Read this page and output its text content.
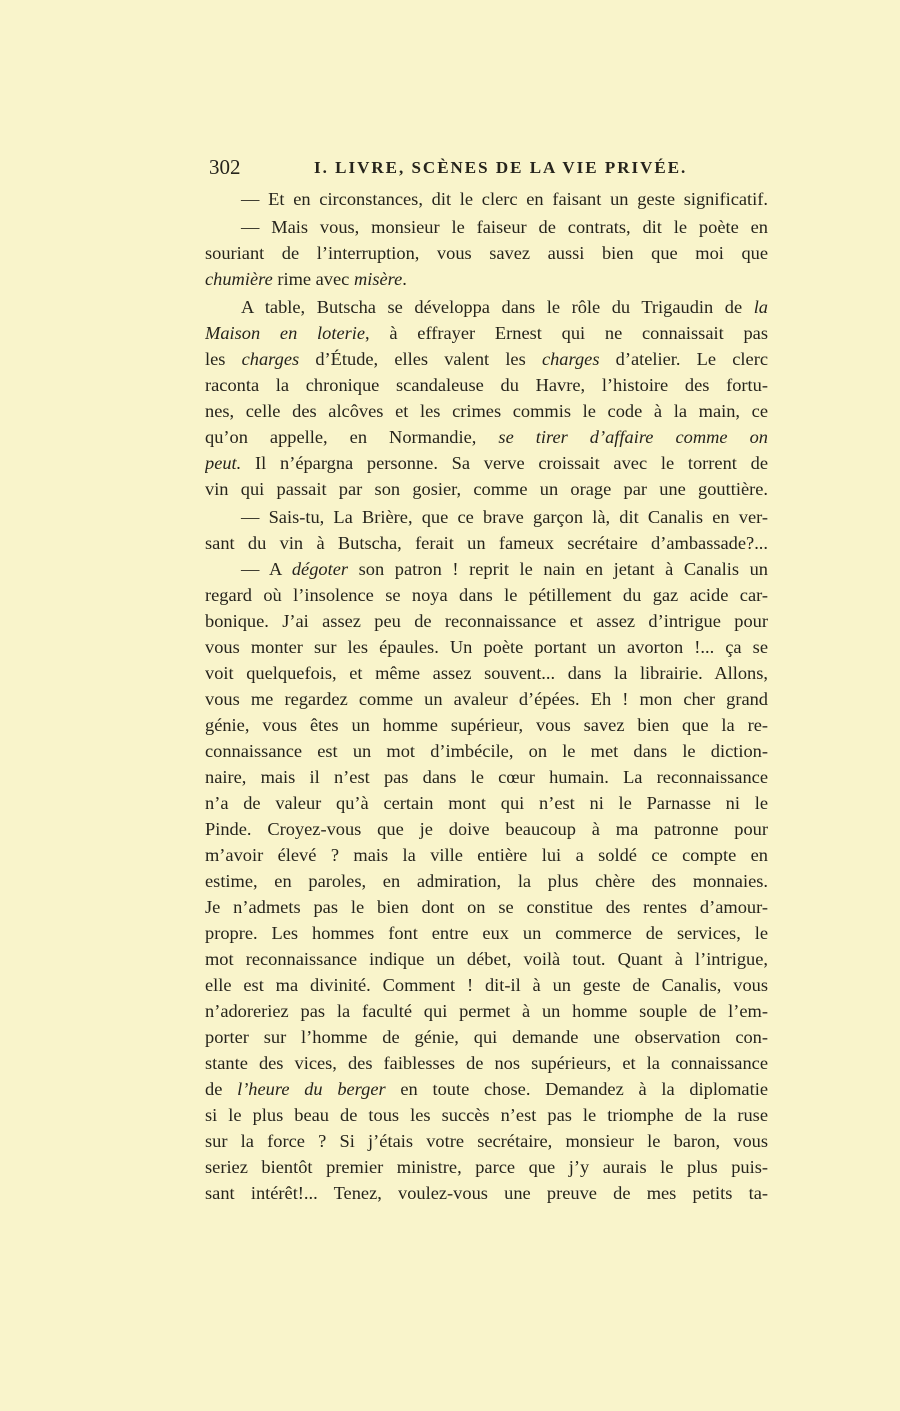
302	I. LIVRE, SCÈNES DE LA VIE PRIVÉE.
— Et en circonstances, dit le clerc en faisant un geste significatif.
— Mais vous, monsieur le faiseur de contrats, dit le poète en
souriant de l’interruption, vous savez aussi bien que moi que
chumière rime avec misère.
A table, Butscha se développa dans le rôle du Trigaudin de la
Maison en loterie, à effrayer Ernest qui ne connaissait pas
les charges d’Étude, elles valent les charges d’atelier. Le clerc
raconta la chronique scandaleuse du Havre, l’histoire des fortu-
nes, celle des alcôves et les crimes commis le code à la main, ce
qu’on appelle, en Normandie, se tirer d’affaire comme on
peut. Il n’épargna personne. Sa verve croissait avec le torrent de
vin qui passait par son gosier, comme un orage par une gouttière.
— Sais-tu, La Brière, que ce brave garçon là, dit Canalis en ver-
sant du vin à Butscha, ferait un fameux secrétaire d’ambassade?...
— A dégoter son patron ! reprit le nain en jetant à Canalis un
regard où l’insolence se noya dans le pétillement du gaz acide car-
bonique. J’ai assez peu de reconnaissance et assez d’intrigue pour
vous monter sur les épaules. Un poète portant un avorton !... ça se
voit quelquefois, et même assez souvent... dans la librairie. Allons,
vous me regardez comme un avaleur d’épées. Eh ! mon cher grand
génie, vous êtes un homme supérieur, vous savez bien que la re-
connaissance est un mot d’imbécile, on le met dans le diction-
naire, mais il n’est pas dans le cœur humain. La reconnaissance
n’a de valeur qu’à certain mont qui n’est ni le Parnasse ni le
Pinde. Croyez-vous que je doive beaucoup à ma patronne pour
m’avoir élevé ? mais la ville entière lui a soldé ce compte en
estime, en paroles, en admiration, la plus chère des monnaies.
Je n’admets pas le bien dont on se constitue des rentes d’amour-
propre. Les hommes font entre eux un commerce de services, le
mot reconnaissance indique un débet, voilà tout. Quant à l’intrigue,
elle est ma divinité. Comment ! dit-il à un geste de Canalis, vous
n’adoreriez pas la faculté qui permet à un homme souple de l’em-
porter sur l’homme de génie, qui demande une observation con-
stante des vices, des faiblesses de nos supérieurs, et la connaissance
de l’heure du berger en toute chose. Demandez à la diplomatie
si le plus beau de tous les succès n’est pas le triomphe de la ruse
sur la force ? Si j’étais votre secrétaire, monsieur le baron, vous
seriez bientôt premier ministre, parce que j’y aurais le plus puis-
sant intérêt!... Tenez, voulez-vous une preuve de mes petits ta-
